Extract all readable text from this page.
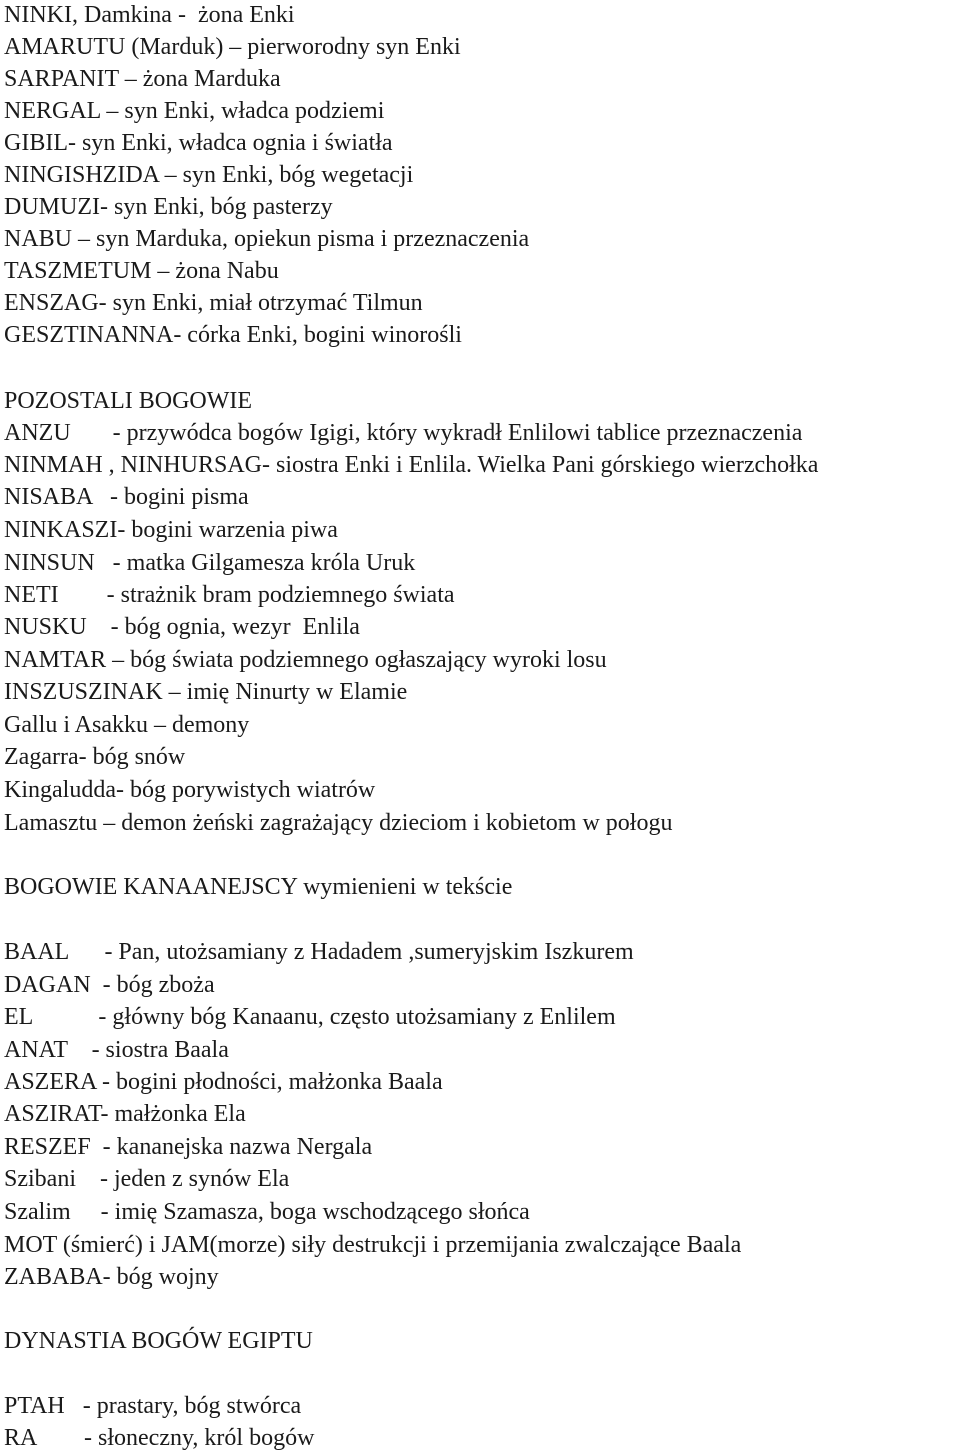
NINKI, Damkina -  żona Enki
AMARUTU (Marduk) – pierworodny syn Enki
SARPANIT – żona Marduka
NERGAL – syn Enki, władca podziemi
GIBIL- syn Enki, władca ognia i światła
NINGISHZIDA – syn Enki, bóg wegetacji
DUMUZI- syn Enki, bóg pasterzy
NABU – syn Marduka, opiekun pisma i przeznaczenia
TASZMETUM – żona Nabu
ENSZAG- syn Enki, miał otrzymać Tilmun
GESZTINANNA- córka Enki, bogini winorośli
POZOSTALI BOGOWIE
ANZU       - przywódca bogów Igigi, który wykradł Enlilowi tablice przeznaczenia
NINMAH , NINHURSAG- siostra Enki i Enlila. Wielka Pani górskiego wierzchołka
NISABA   - bogini pisma
NINKASZI- bogini warzenia piwa
NINSUN   - matka Gilgamesza króla Uruk
NETI        - strażnik bram podziemnego świata
NUSKU    - bóg ognia, wezyr  Enlila
NAMTAR – bóg świata podziemnego ogłaszający wyroki losu
INSZUSZINAK – imię Ninurty w Elamie
Gallu i Asakku – demony
Zagarra- bóg snów
Kingaludda- bóg porywistych wiatrów
Lamasztu – demon żeński zagrażający dzieciom i kobietom w połogu
BOGOWIE KANAANEJSCY wymienieni w tekście
BAAL      - Pan, utożsamiany z Hadadem ,sumeryjskim Iszkurem
DAGAN  - bóg zboża
EL           - główny bóg Kanaanu, często utożsamiany z Enlilem
ANAT    - siostra Baala
ASZERA - bogini płodności, małżonka Baala
ASZIRAT- małżonka Ela
RESZEF  - kananejska nazwa Nergala
Szibani    - jeden z synów Ela
Szalim     - imię Szamasza, boga wschodzącego słońca
MOT (śmierć) i JAM(morze) siły destrukcji i przemijania zwalczające Baala
ZABABA- bóg wojny
DYNASTIA BOGÓW EGIPTU
PTAH   - prastary, bóg stwórca
RA        - słoneczny, król bogów
